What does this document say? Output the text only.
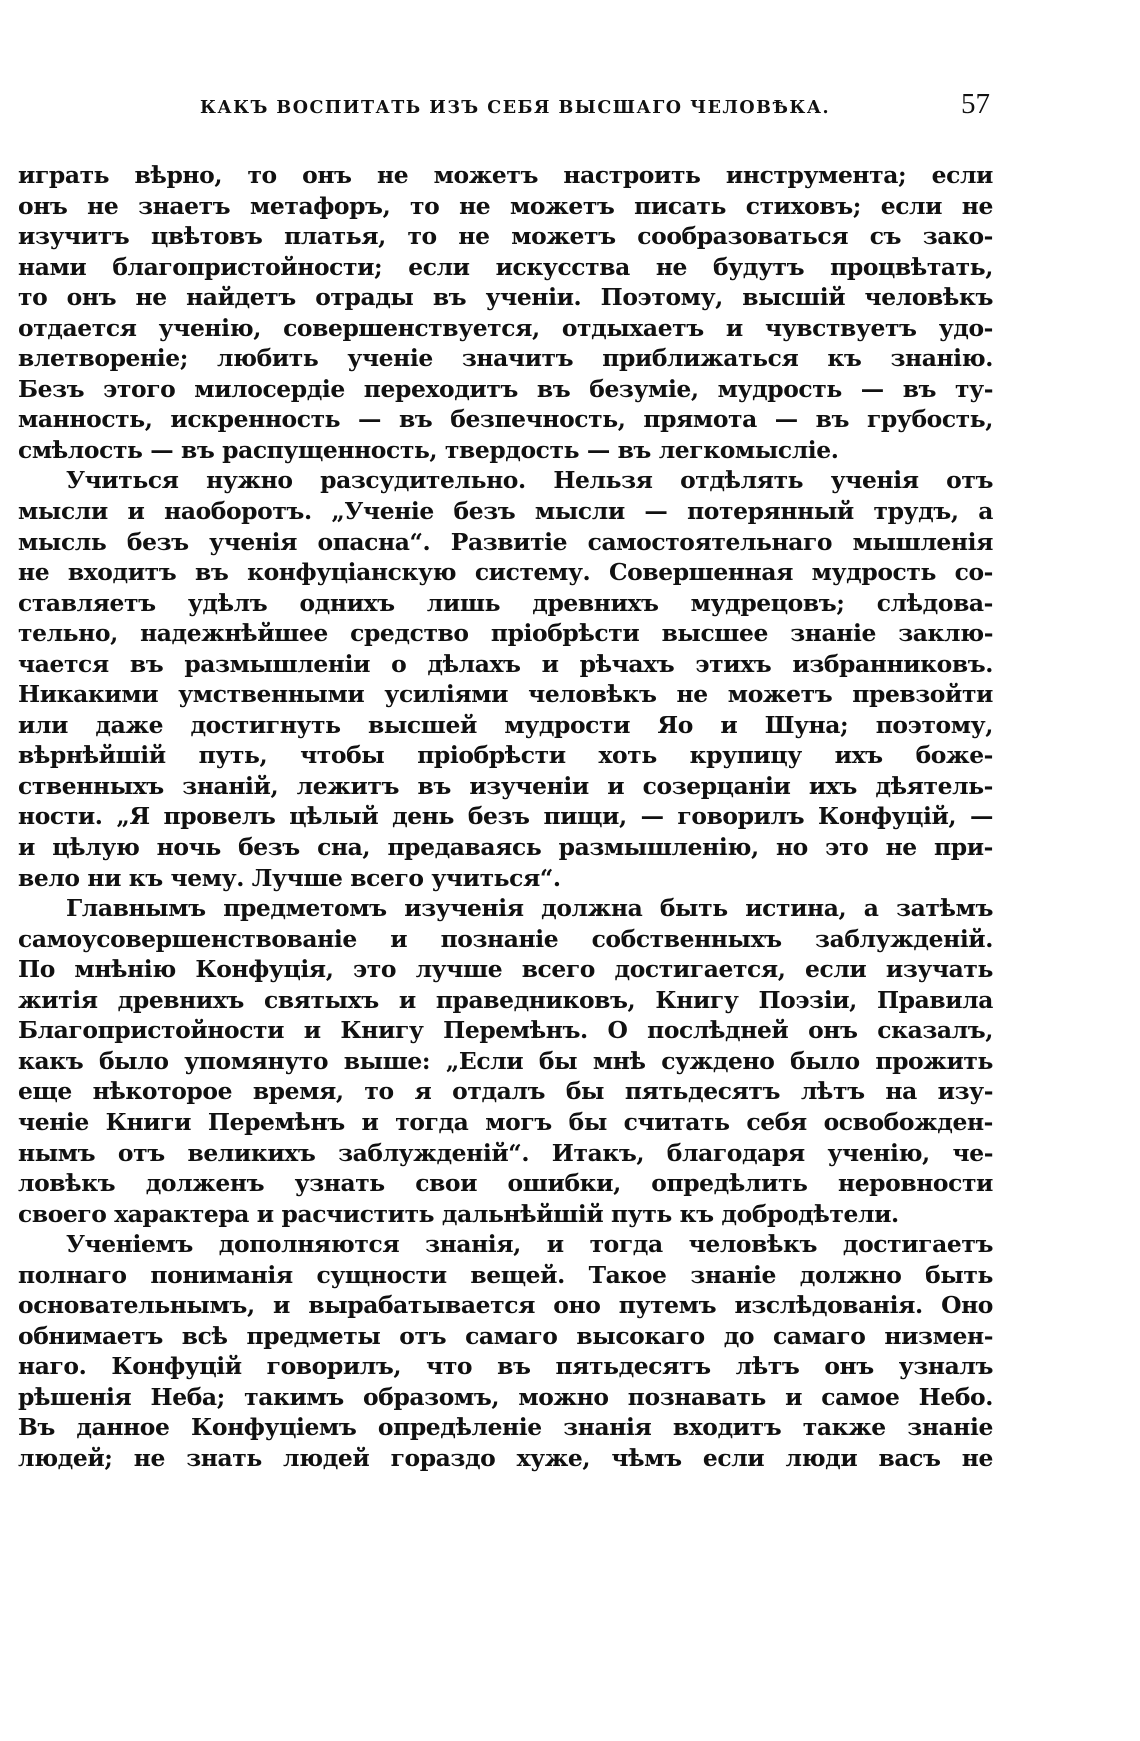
КАКЪ ВОСПИТАТЬ ИЗЪ СЕБЯ ВЫСШАГО ЧЕЛОВѢКА.	57
играть вѣрно, то онъ не можетъ настроить инструмента; если
онъ не знаетъ метафоръ, то не можетъ писать стиховъ; если не
изучитъ цвѣтовъ платья, то не можетъ сообразоваться съ зако-
нами благопристойности; если искусства не будутъ процвѣтать,
то онъ не найдетъ отрады въ ученіи. Поэтому, высшій человѣкъ
отдается ученію, совершенствуется, отдыхаетъ и чувствуетъ удо-
влетвореніе; любить ученіе значитъ приближаться къ знанію.
Безъ этого милосердіе переходитъ въ безуміе, мудрость — въ ту-
манность, искренность — въ безпечность, прямота — въ грубость,
смѣлость — въ распущенность, твердость — въ легкомысліе.
Учиться нужно разсудительно. Нельзя отдѣлять ученія отъ
мысли и наоборотъ. „Ученіе безъ мысли — потерянный трудъ, а
мысль безъ ученія опасна“. Развитіе самостоятельнаго мышленія
не входитъ въ конфуціанскую систему. Совершенная мудрость со-
ставляетъ удѣлъ однихъ лишь древнихъ мудрецовъ; слѣдова-
тельно, надежнѣйшее средство пріобрѣсти высшее знаніе заклю-
чается въ размышленіи о дѣлахъ и рѣчахъ этихъ избранниковъ.
Никакими умственными усиліями человѣкъ не можетъ превзойти
или даже достигнуть высшей мудрости Яо и Шуна; поэтому,
вѣрнѣйшій путь, чтобы пріобрѣсти хоть крупицу ихъ боже-
ственныхъ знаній, лежитъ въ изученіи и созерцаніи ихъ дѣятель-
ности. „Я провелъ цѣлый день безъ пищи, — говорилъ Конфуцій, —
и цѣлую ночь безъ сна, предаваясь размышленію, но это не при-
вело ни къ чему. Лучше всего учиться“.
Главнымъ предметомъ изученія должна быть истина, а затѣмъ
самоусовершенствованіе и познаніе собственныхъ заблужденій.
По мнѣнію Конфуція, это лучше всего достигается, если изучать
житія древнихъ святыхъ и праведниковъ, Книгу Поэзіи, Правила
Благопристойности и Книгу Перемѣнъ. О послѣдней онъ сказалъ,
какъ было упомянуто выше: „Если бы мнѣ суждено было прожить
еще нѣкоторое время, то я отдалъ бы пятьдесятъ лѣтъ на изу-
ченіе Книги Перемѣнъ и тогда могъ бы считать себя освобожден-
нымъ отъ великихъ заблужденій“. Итакъ, благодаря ученію, че-
ловѣкъ долженъ узнать свои ошибки, опредѣлить неровности
своего характера и расчистить дальнѣйшій путь къ добродѣтели.
Ученіемъ дополняются знанія, и тогда человѣкъ достигаетъ
полнаго пониманія сущности вещей. Такое знаніе должно быть
основательнымъ, и вырабатывается оно путемъ изслѣдованія. Оно
обнимаетъ всѣ предметы отъ самаго высокаго до самаго низмен-
наго. Конфуцій говорилъ, что въ пятьдесятъ лѣтъ онъ узналъ
рѣшенія Неба; такимъ образомъ, можно познавать и самое Небо.
Въ данное Конфуціемъ опредѣленіе знанія входитъ также знаніе
людей; не знать людей гораздо хуже, чѣмъ если люди васъ не
